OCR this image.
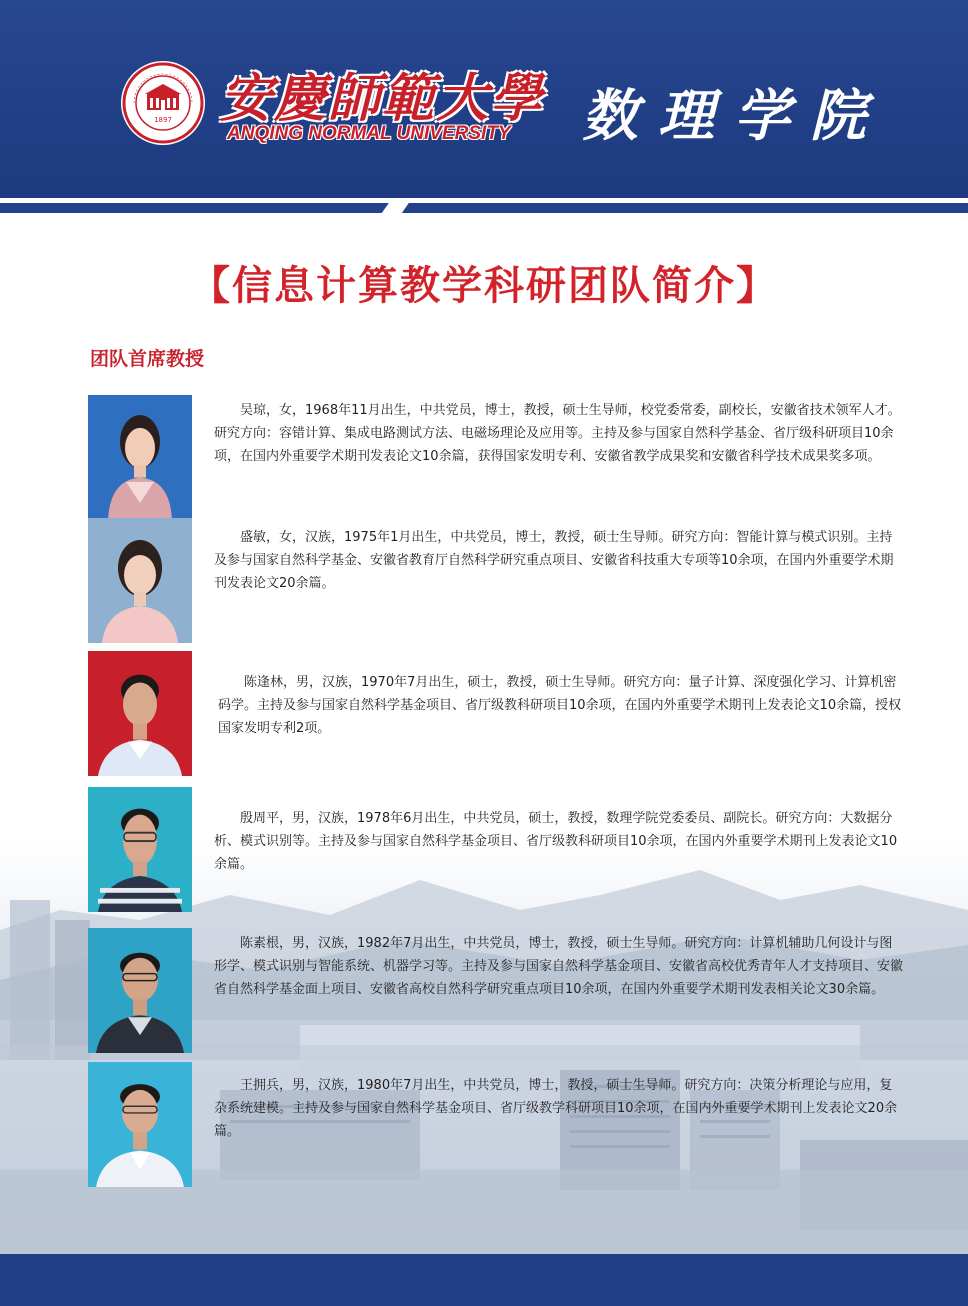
1897 安慶師範大學
ANQING NORMAL UNIVERSITY 数理学院
【信息计算教学科研团队简介】
团队首席教授
吴琼，女，1968年11月出生，中共党员，博士，教授，硕士生导师，校党委常委，副校长，安徽省技术领军人才。研究方向：容错计算、集成电路测试方法、电磁场理论及应用等。主持及参与国家自然科学基金、省厅级科研项目10余项，在国内外重要学术期刊发表论文10余篇，获得国家发明专利、安徽省教学成果奖和安徽省科学技术成果奖多项。
盛敏，女，汉族，1975年1月出生，中共党员，博士，教授，硕士生导师。研究方向：智能计算与模式识别。主持及参与国家自然科学基金、安徽省教育厅自然科学研究重点项目、安徽省科技重大专项等10余项，在国内外重要学术期刊发表论文20余篇。
陈逢林，男，汉族，1970年7月出生，硕士，教授，硕士生导师。研究方向：量子计算、深度强化学习、计算机密码学。主持及参与国家自然科学基金项目、省厅级教科研项目10余项，在国内外重要学术期刊上发表论文10余篇，授权国家发明专利2项。
殷周平，男，汉族，1978年6月出生，中共党员，硕士，教授，数理学院党委委员、副院长。研究方向：大数据分析、模式识别等。主持及参与国家自然科学基金项目、省厅级教科研项目10余项，在国内外重要学术期刊上发表论文10余篇。
陈素根，男，汉族，1982年7月出生，中共党员，博士，教授，硕士生导师。研究方向：计算机辅助几何设计与图形学、模式识别与智能系统、机器学习等。主持及参与国家自然科学基金项目、安徽省高校优秀青年人才支持项目、安徽省自然科学基金面上项目、安徽省高校自然科学研究重点项目10余项，在国内外重要学术期刊发表相关论文30余篇。
王拥兵，男，汉族，1980年7月出生，中共党员，博士，教授，硕士生导师。研究方向：决策分析理论与应用，复杂系统建模。主持及参与国家自然科学基金项目、省厅级教学科研项目10余项，在国内外重要学术期刊上发表论文20余篇。
